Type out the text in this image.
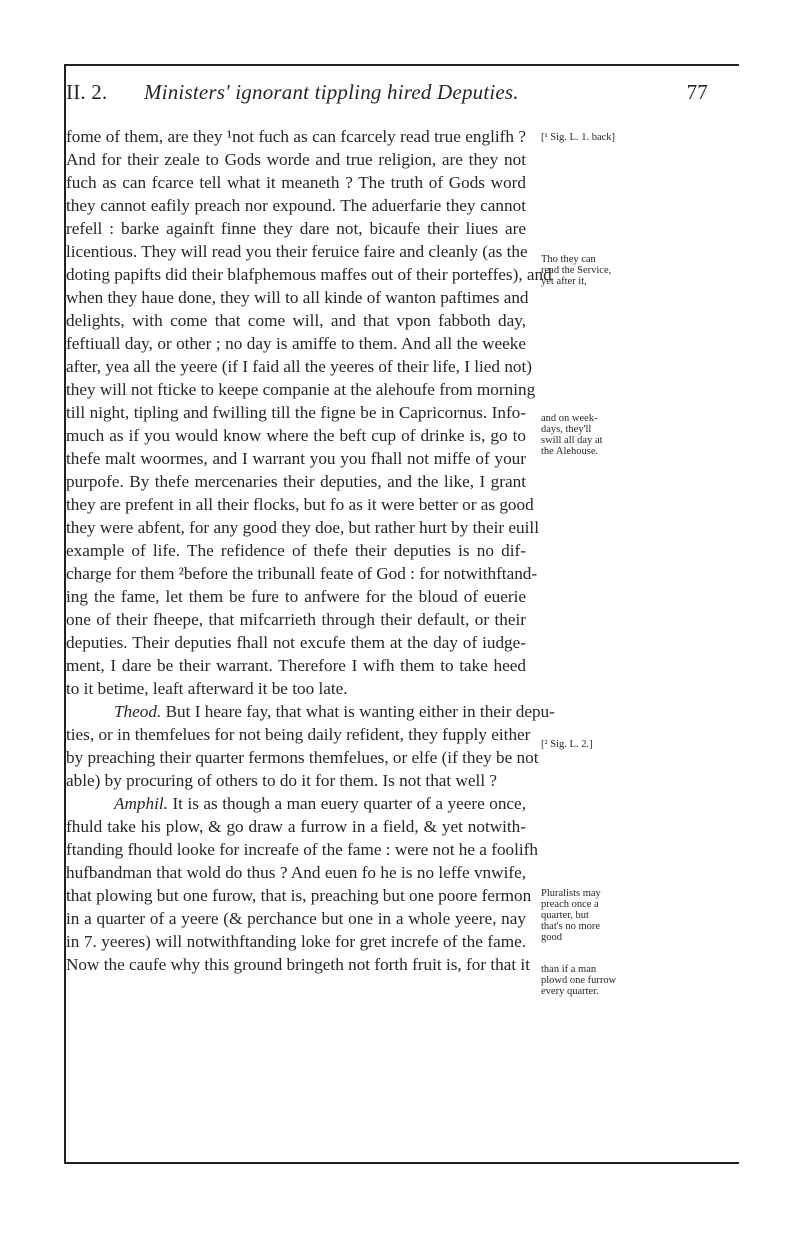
II. 2. Ministers' ignorant tippling hired Deputies.	77
fome of them, are they ¹not fuch as can fcarcely read true englifh ?
And for their zeale to Gods worde and true religion, are they not
fuch as can fcarce tell what it meaneth ? The truth of Gods word
they cannot eafily preach nor expound. The aduerfarie they cannot
refell : barke againft finne they dare not, bicaufe their liues are
licentious. They will read you their feruice faire and cleanly (as the
doting papifts did their blafphemous maffes out of their porteffes), and
when they haue done, they will to all kinde of wanton paftimes and
delights, with come that come will, and that vpon fabboth day,
feftiuall day, or other ; no day is amiffe to them. And all the weeke
after, yea all the yeere (if I faid all the yeeres of their life, I lied not)
they will not fticke to keepe companie at the alehoufe from morning
till night, tipling and fwilling till the figne be in Capricornus. Info-
much as if you would know where the beft cup of drinke is, go to
thefe malt woormes, and I warrant you you fhall not miffe of your
purpofe. By thefe mercenaries their deputies, and the like, I grant
they are prefent in all their flocks, but fo as it were better or as good
they were abfent, for any good they doe, but rather hurt by their euill
example of life. The refidence of thefe their deputies is no dif-
charge for them ²before the tribunall feate of God : for notwithftand-
ing the fame, let them be fure to anfwere for the bloud of euerie
one of their fheepe, that mifcarrieth through their default, or their
deputies. Their deputies fhall not excufe them at the day of iudge-
ment, I dare be their warrant. Therefore I wifh them to take heed
to it betime, leaft afterward it be too late.
Theod. But I heare fay, that what is wanting either in their depu-
ties, or in themfelues for not being daily refident, they fupply either
by preaching their quarter fermons themfelues, or elfe (if they be not
able) by procuring of others to do it for them. Is not that well ?
Amphil. It is as though a man euery quarter of a yeere once,
fhuld take his plow, & go draw a furrow in a field, & yet notwith-
ftanding fhould looke for increafe of the fame : were not he a foolifh
hufbandman that wold do thus ? And euen fo he is no leffe vnwife,
that plowing but one furow, that is, preaching but one poore fermon
in a quarter of a yeere (& perchance but one in a whole yeere, nay
in 7. yeeres) will notwithftanding loke for gret increfe of the fame.
Now the caufe why this ground bringeth not forth fruit is, for that it
[¹ Sig. L. 1. back]
Tho they can
read the Service,
yet after it,
and on week-
days, they'll
swill all day at
the Alehouse.
[² Sig. L. 2.]
Pluralists may
preach once a
quarter, but
that's no more
good
than if a man
plowd one furrow
every quarter.
